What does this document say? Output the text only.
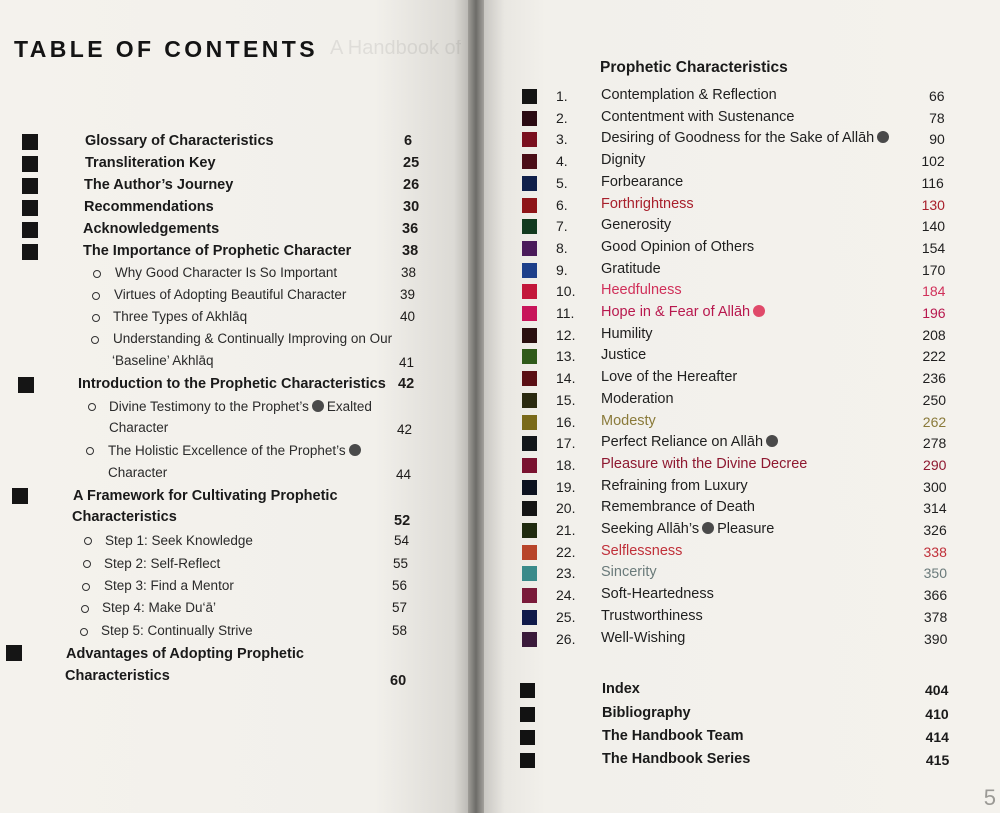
A Handbook of

TABLE OF CONTENTS
Glossary of Characteristics	6
Transliteration Key	25
The Author’s Journey	26
Recommendations	30
Acknowledgements	36
The Importance of Prophetic Character	38
Why Good Character Is So Important	38
Virtues of Adopting Beautiful Character	39
Three Types of Akhlāq	40
Understanding & Continually Improving on Our
‘Baseline’ Akhlāq	41
Introduction to the Prophetic Characteristics 42
Divine Testimony to the Prophet’s Exalted
Character	42
The Holistic Excellence of the Prophet’s
Character	44
A Framework for Cultivating Prophetic
Characteristics	52
Step 1: Seek Knowledge	54
Step 2: Self-Reflect	55
Step 3: Find a Mentor	56
Step 4: Make Du‘ā’	57
Step 5: Continually Strive	58
Advantages of Adopting Prophetic
Characteristics	60
Prophetic Characteristics
1. Contemplation & Reflection	66
2. Contentment with Sustenance	78
3. Desiring of Goodness for the Sake of Allāh	90
4. Dignity	102
5. Forbearance	116
6. Forthrightness	130
7. Generosity	140
8. Good Opinion of Others	154
9. Gratitude	170
10. Heedfulness	184
11. Hope in & Fear of Allāh	196
12. Humility	208
13. Justice	222
14. Love of the Hereafter	236
15. Moderation	250
16. Modesty	262
17. Perfect Reliance on Allāh	278
18. Pleasure with the Divine Decree	290
19. Refraining from Luxury	300
20. Remembrance of Death	314
21. Seeking Allāh’s Pleasure	326
22. Selflessness	338
23. Sincerity	350
24. Soft-Heartedness	366
25. Trustworthiness	378
26. Well-Wishing	390
Index	404
Bibliography	410
The Handbook Team	414
The Handbook Series	415
5
